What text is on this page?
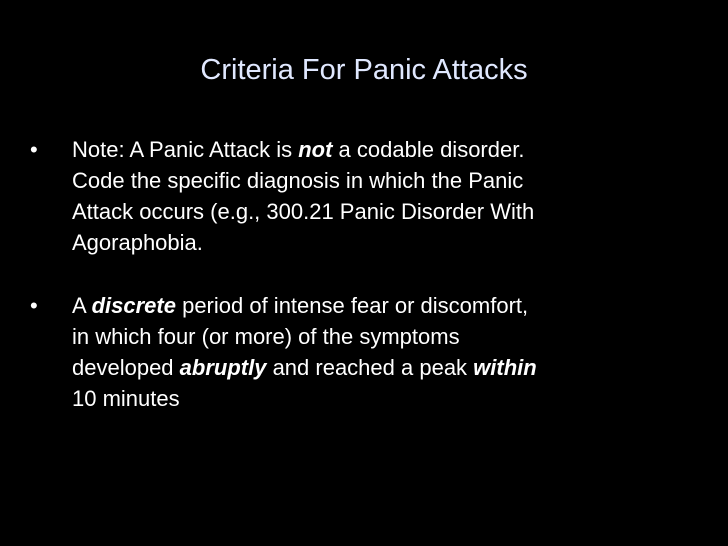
Criteria For Panic Attacks
•	Note: A Panic Attack is not a codable disorder.
Code the specific diagnosis in which the Panic
Attack occurs (e.g., 300.21 Panic Disorder With
Agoraphobia.
•	A discrete period of intense fear or discomfort,
in which four (or more) of the symptoms
developed abruptly and reached a peak within
10 minutes
